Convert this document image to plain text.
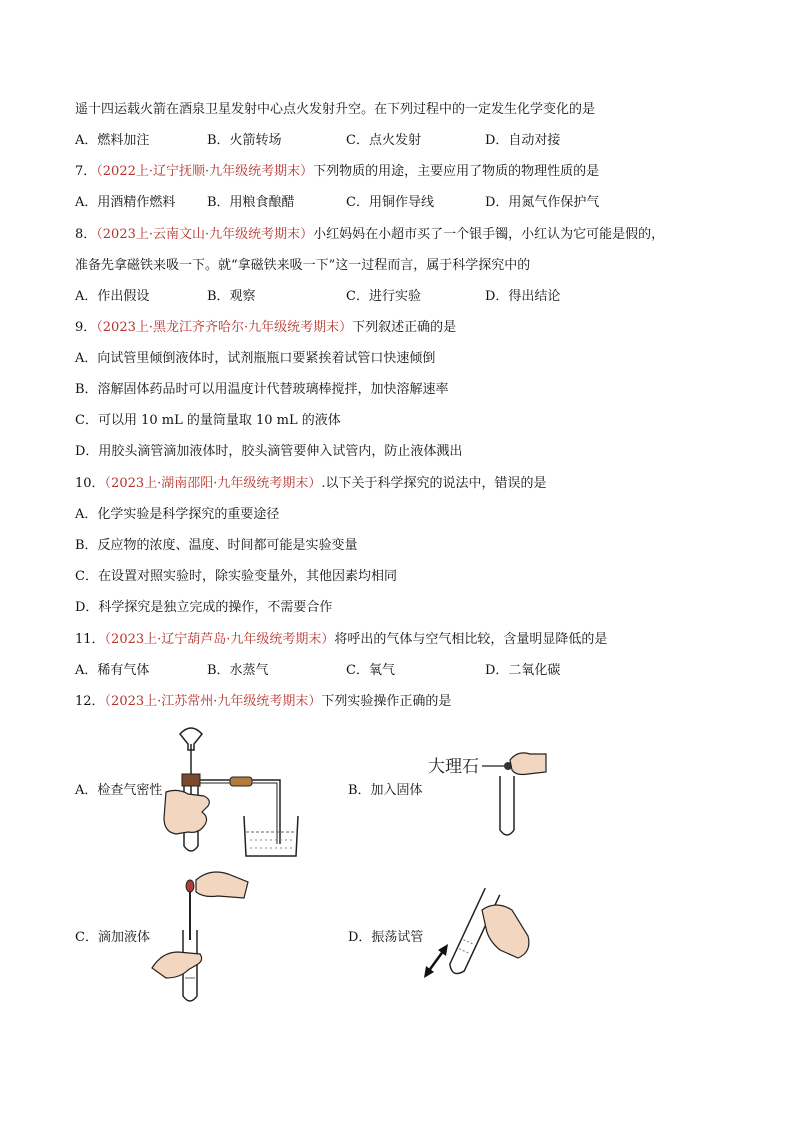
遥十四运载火箭在酒泉卫星发射中心点火发射升空。在下列过程中的一定发生化学变化的是
A．燃料加注	B．火箭转场	C．点火发射	D．自动对接
7．（2022上·辽宁抚顺·九年级统考期末）下列物质的用途，主要应用了物质的物理性质的是
A．用酒精作燃料 B．用粮食酿醋	C．用铜作导线	D．用氮气作保护气
8．（2023上·云南文山·九年级统考期末）小红妈妈在小超市买了一个银手镯，小红认为它可能是假的，
准备先拿磁铁来吸一下。就“拿磁铁来吸一下”这一过程而言，属于科学探究中的
A．作出假设	B．观察	C．进行实验	D．得出结论
9．（2023上·黑龙江齐齐哈尔·九年级统考期末）下列叙述正确的是
A．向试管里倾倒液体时，试剂瓶瓶口要紧挨着试管口快速倾倒
B．溶解固体药品时可以用温度计代替玻璃棒搅拌，加快溶解速率
C．可以用 10 mL 的量筒量取 10 mL 的液体
D．用胶头滴管滴加液体时，胶头滴管要伸入试管内，防止液体溅出
10．（2023上·湖南邵阳·九年级统考期末）.以下关于科学探究的说法中，错误的是
A．化学实验是科学探究的重要途径
B．反应物的浓度、温度、时间都可能是实验变量
C．在设置对照实验时，除实验变量外，其他因素均相同
D．科学探究是独立完成的操作，不需要合作
11．（2023上·辽宁葫芦岛·九年级统考期末）将呼出的气体与空气相比较，含量明显降低的是
A．稀有气体	B．水蒸气	C．氧气	D．二氧化碳
12．（2023上·江苏常州·九年级统考期末）下列实验操作正确的是
A．检查气密性	B．加入固体
C．滴加液体	D．振荡试管
大理石
